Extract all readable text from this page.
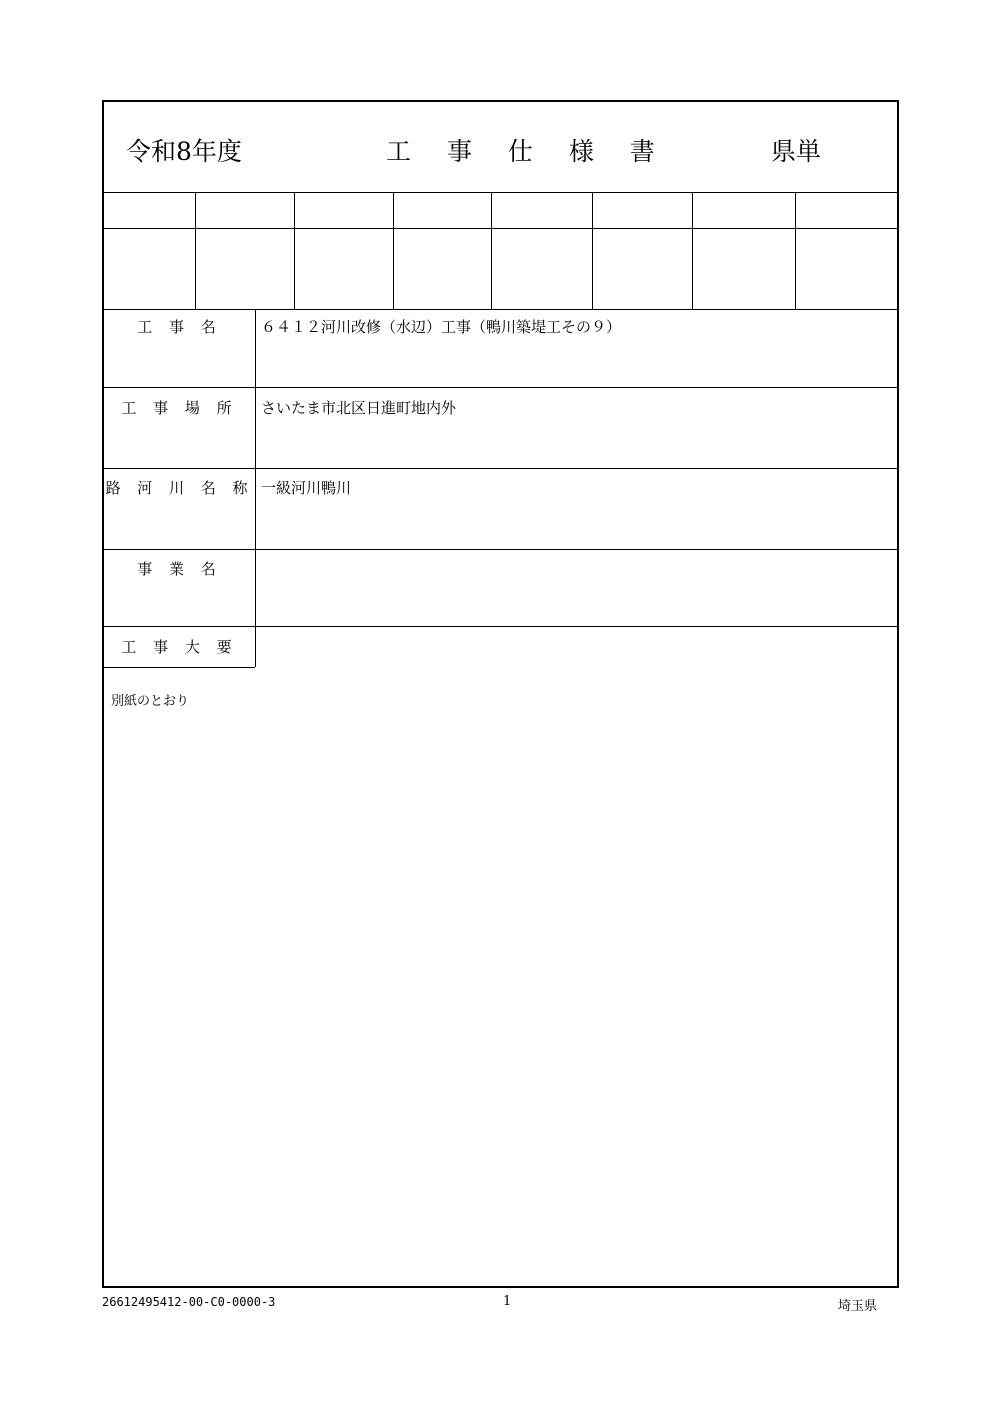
令和8年度	工 事 仕 様 書	県単
工 事 名	６４１２河川改修（水辺）工事（鴨川築堤工その９）
工 事 場 所	さいたま市北区日進町地内外
路 河 川 名 称 一級河川鴨川
事 業 名
工 事 大 要
別紙のとおり
26612495412-00-C0-0000-3	1	埼玉県
